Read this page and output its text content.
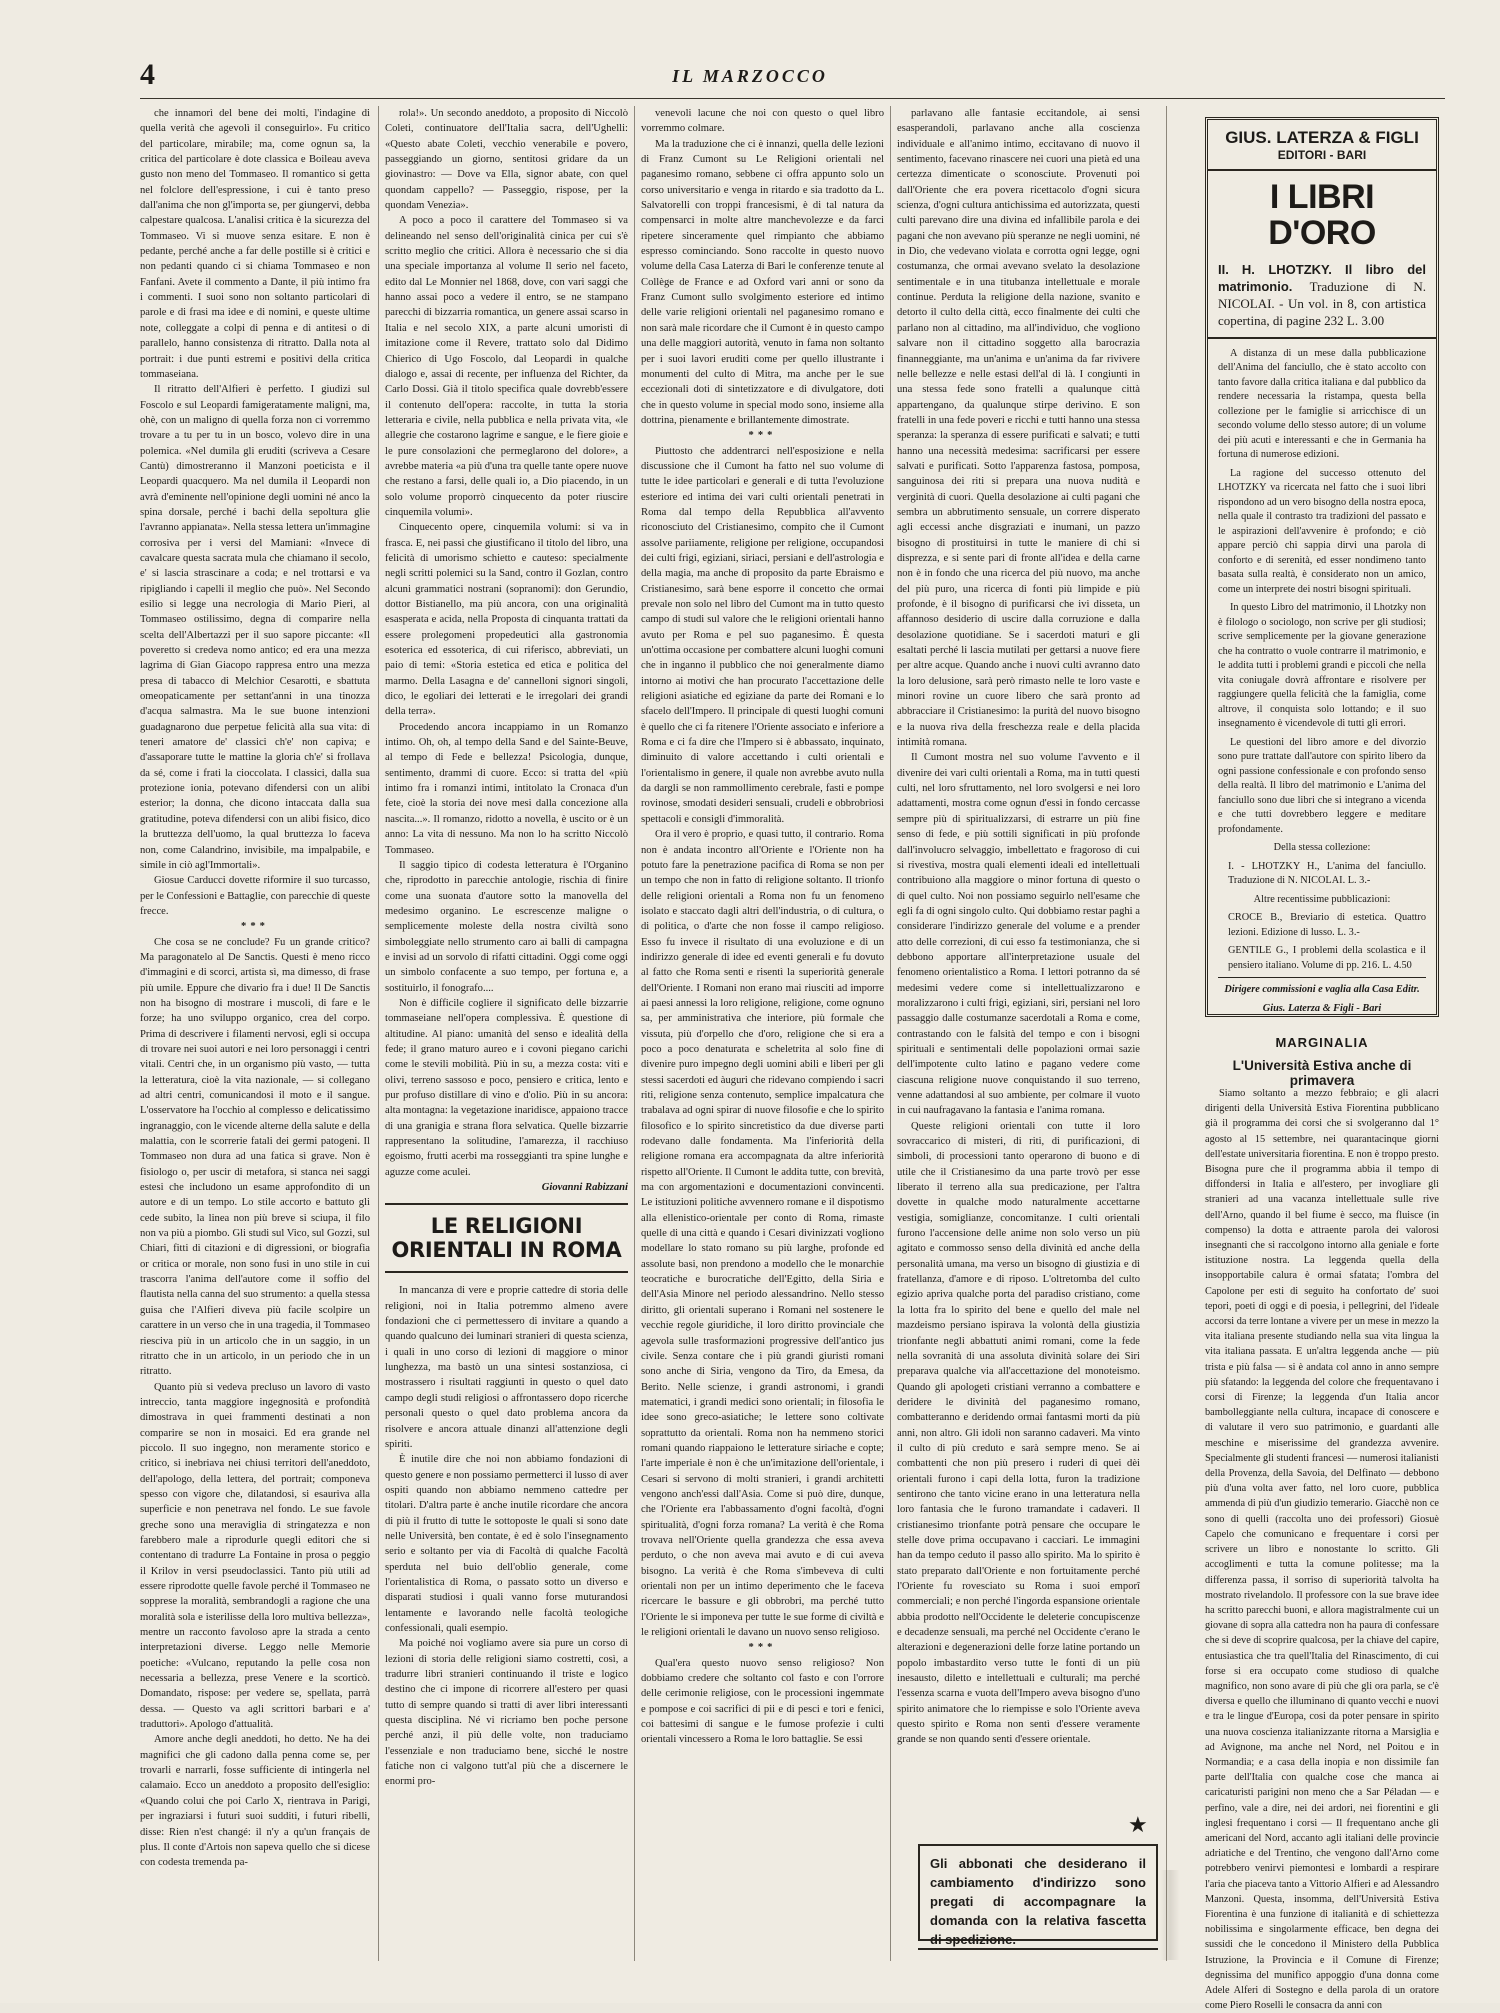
4	IL MARZOCCO

che innamorì del bene dei molti, l'indagine di quella verità che agevolì il conseguirlo». Fu critico del particolare, mirabile; ma, come ognun sa, la critica del particolare è dote classica e Boileau aveva gusto non meno del Tommaseo. Il romantico si getta nel folclore dell'espressione, i cui è tanto preso dall'anima che non gl'importa se, per giungervi, debba calpestare qualcosa. L'analisi critica è la sicurezza del Tommaseo. Vi si muove senza esitare. E non è pedante, perché anche a far delle postille si è critici e non pedanti quando ci si chiama Tommaseo e non Fanfani. Avete il commento a Dante, il più intimo fra i commenti. I suoi sono non soltanto particolari di parole e di frasi ma idee e di nomini, e queste ultime note, colleggate a colpi di penna e di antitesi o di parallelo, hanno consistenza di ritratto. Dalla nota al portrait: i due punti estremi e positivi della critica tommaseiana.

Il ritratto dell'Alfieri è perfetto. I giudizi sul Foscolo e sul Leopardi famigeratamente maligni, ma, ohè, con un maligno di quella forza non ci vorremmo trovare a tu per tu in un bosco, volevo dire in una polemica. «Nel dumila gli eruditi (scriveva a Cesare Cantù) dimostreranno il Manzoni poeticista e il Leopardi quacquero. Ma nel dumila il Leopardi non avrà d'eminente nell'opinione degli uomini né anco la spina dorsale, perché i bachi della sepoltura glie l'avranno appianata». Nella stessa lettera un'immagine corrosiva per i versi del Mamiani: «Invece di cavalcare questa sacrata mula che chiamano il secolo, e' si lascia strascinare a coda; e nel trottarsi e va ripigliando i capelli il meglio che può». Nel Secondo esilio si legge una necrologia di Mario Pieri, al Tommaseo ostilissimo, degna di comparire nella scelta dell'Albertazzi per il suo sapore piccante: «Il poveretto si credeva nomo antico; ed era una mezza lagrima di Gian Giacopo rappresa entro una mezza presa di tabacco di Melchior Cesarotti, e sbattuta omeopaticamente per settant'anni in una tinozza d'acqua salmastra. Ma le sue buone intenzioni guadagnarono due perpetue felicità alla sua vita: di teneri amatore de' classici ch'e' non capiva; e d'assaporare tutte le mattine la gloria ch'e' si frollava da sé, come i frati la cioccolata. I classici, dalla sua protezione ionia, potevano difendersi con un alibi esterior; la donna, che dicono intaccata dalla sua gratitudine, poteva difendersi con un alibi fisico, dico la bruttezza dell'uomo, la qual bruttezza lo faceva non, come Calandrino, invisibile, ma impalpabile, e simile in ciò agl'Immortali».

Giosue Carducci dovette riformire il suo turcasso, per le Confessioni e Battaglie, con parecchie di queste frecce.

***

Che cosa se ne conclude? Fu un grande critico? Ma paragonatelo al De Sanctis. Questi è meno ricco d'immagini e di scorci, artista sì, ma dimesso, di frase più umile. Eppure che divario fra i due! Il De Sanctis non ha bisogno di mostrare i muscoli, di fare e le forze; ha uno sviluppo organico, crea del corpo. Prima di descrivere i filamenti nervosi, egli si occupa di trovare nei suoi autori e nei loro personaggi i centri vitali. Centri che, in un organismo più vasto, — tutta la letteratura, cioè la vita nazionale, — si collegano ad altri centri, comunicandosi il moto e il sangue. L'osservatore ha l'occhio al complesso e delicatissimo ingranaggio, con le vicende alterne della salute e della malattia, con le scorrerie fatali dei germi patogeni. Il Tommaseo non dura ad una fatica sì grave. Non è fisiologo o, per uscir di metafora, si stanca nei saggi estesi che includono un esame approfondito di un autore e di un tempo. Lo stile accorto e battuto gli cede subito, la linea non più breve si sciupa, il filo non va più a piombo. Gli studi sul Vico, sul Gozzi, sul Chiari, fitti di citazioni e di digressioni, or biografia or critica or morale, non sono fusi in uno stile in cui trascorra l'anima dell'autore come il soffio del flautista nella canna del suo strumento: a quella stessa guisa che l'Alfieri diveva più facile scolpire un carattere in un verso che in una tragedia, il Tommaseo riesciva più in un articolo che in un saggio, in un ritratto che in un articolo, in un periodo che in un ritratto.

Quanto più si vedeva precluso un lavoro di vasto intreccio, tanta maggiore ingegnosità e profondità dimostrava in quei frammenti destinati a non comparire se non in mosaici. Ed era grande nel piccolo. Il suo ingegno, non meramente storico e critico, si inebriava nei chiusi territori dell'aneddoto, dell'apologo, della lettera, del portrait; componeva spesso con vigore che, dilatandosi, si esauriva alla superficie e non penetrava nel fondo. Le sue favole greche sono una meraviglia di stringatezza e non farebbero male a riprodurle quegli editori che si contentano di tradurre La Fontaine in prosa o peggio il Krilov in versi pseudoclassici. Tanto più utili ad essere riprodotte quelle favole perché il Tommaseo ne sopprese la moralità, sembrandogli a ragione che una moralità sola e isterilisse della loro multiva bellezza», mentre un racconto favoloso apre la strada a cento interpretazioni diverse. Leggo nelle Memorie poetiche: «Vulcano, reputando la pelle cosa non necessaria a bellezza, prese Venere e la scorticò. Domandato, rispose: per vedere se, spellata, parrà dessa. — Questo va agli scrittori barbari e a' traduttori». Apologo d'attualità.

Amore anche degli aneddoti, ho detto. Ne ha dei magnifici che gli cadono dalla penna come se, per trovarli e narrarli, fosse sufficiente di intingerla nel calamaio. Ecco un aneddoto a proposito dell'esiglio: «Quando colui che poi Carlo X, rientrava in Parigi, per ingraziarsi i futuri suoi sudditi, i futuri ribelli, disse: Rien n'est changé: il n'y a qu'un français de plus. Il conte d'Artois non sapeva quello che si dicese con codesta tremenda pa-

rola!». Un secondo aneddoto, a proposito di Niccolò Coleti, continuatore dell'Italia sacra, dell'Ughelli: «Questo abate Coleti, vecchio venerabile e povero, passeggiando un giorno, sentitosi gridare da un giovinastro: — Dove va Ella, signor abate, con quel quondam cappello? — Passeggio, rispose, per la quondam Venezia».

A poco a poco il carattere del Tommaseo si va delineando nel senso dell'originalità cinica per cui s'è scritto meglio che critici. Allora è necessario che si dia una speciale importanza al volume Il serio nel faceto, edito dal Le Monnier nel 1868, dove, con vari saggi che hanno assai poco a vedere il entro, se ne stampano parecchi di bizzarria romantica, un genere assai scarso in Italia e nel secolo XIX, a parte alcuni umoristi di imitazione come il Revere, trattato solo dal Didimo Chierico di Ugo Foscolo, dal Leopardi in qualche dialogo e, assai di recente, per influenza del Richter, da Carlo Dossi. Già il titolo specifica quale dovrebb'essere il contenuto dell'opera: raccolte, in tutta la storia letteraria e civile, nella pubblica e nella privata vita, «le allegrie che costarono lagrime e sangue, e le fiere gioie e le pure consolazioni che permeglarono del dolore», a avrebbe materia «a più d'una tra quelle tante opere nuove che restano a farsi, delle quali io, a Dio piacendo, in un solo volume proporrò cinquecento da poter riuscire cinquemila volumi».

Cinquecento opere, cinquemila volumi: si va in frasca. E, nei passi che giustificano il titolo del libro, una felicità di umorismo schietto e cauteso: specialmente negli scritti polemici su la Sand, contro il Gozlan, contro alcuni grammatici nostrani (sopranomi): don Gerundio, dottor Bistianello, ma più ancora, con una originalità esasperata e acida, nella Proposta di cinquanta trattati da essere prolegomeni propedeutici alla gastronomia esoterica ed essoterica, di cui riferisco, abbreviati, un paio di temi: «Storia estetica ed etica e politica del marmo. Della Lasagna e de' cannelloni signori singoli, dico, le egoliari dei letterati e le irregolari dei grandi della terra».

Procedendo ancora incappiamo in un Romanzo intimo. Oh, oh, al tempo della Sand e del Sainte-Beuve, al tempo di Fede e bellezza! Psicologia, dunque, sentimento, drammi di cuore. Ecco: si tratta del «più intimo fra i romanzi intimi, intitolato la Cronaca d'un fete, cioè la storia dei nove mesi dalla concezione alla nascita...». Il romanzo, ridotto a novella, è uscito or è un anno: La vita di nessuno. Ma non lo ha scritto Niccolò Tommaseo.

Il saggio tipico di codesta letteratura è l'Organino che, riprodotto in parecchie antologie, rischia di finire come una suonata d'autore sotto la manovella del medesimo organino. Le escrescenze maligne o semplicemente moleste della nostra civiltà sono simboleggiate nello strumento caro ai balli di campagna e invisi ad un sorvolo di rifatti cittadini. Oggi come oggi un simbolo confacente a suo tempo, per fortuna e, a sostituirlo, il fonografo....

Non è difficile cogliere il significato delle bizzarrie tommaseiane nell'opera complessiva. È questione di altitudine. Al piano: umanità del senso e idealità della fede; il grano maturo aureo e i covoni piegano carichi come le stevili mobilità. Più in su, a mezza costa: viti e olivi, terreno sassoso e poco, pensiero e critica, lento e pur profuso distillare di vino e d'olio. Più in su ancora: alta montagna: la vegetazione inaridisce, appaiono tracce di una granigia e strana flora selvatica. Quelle bizzarrie rappresentano la solitudine, l'amarezza, il racchiuso egoismo, frutti acerbi ma rosseggianti tra spine lunghe e aguzze come aculei.

Giovanni Rabizzani

LE RELIGIONI ORIENTALI IN ROMA

In mancanza di vere e proprie cattedre di storia delle religioni, noi in Italia potremmo almeno avere fondazioni che ci permettessero di invitare a quando a quando qualcuno dei luminari stranieri di questa scienza, i quali in uno corso di lezioni di maggiore o minor lunghezza, ma bastò un una sintesi sostanziosa, ci mostrassero i risultati raggiunti in questo o quel dato campo degli studi religiosi o affrontassero dopo ricerche personali questo o quel dato problema ancora da risolvere e ancora attuale dinanzi all'attenzione degli spiriti.

È inutile dire che noi non abbiamo fondazioni di questo genere e non possiamo permetterci il lusso di aver ospiti quando non abbiamo nemmeno cattedre per titolari. D'altra parte è anche inutile ricordare che ancora di più il frutto di tutte le sottoposte le quali si sono date nelle Università, ben contate, è ed è solo l'insegnamento serio e soltanto per via di Facoltà di qualche Facoltà sperduta nel buio dell'oblio generale, come l'orientalistica di Roma, o passato sotto un diverso e disparati studiosi i quali vanno forse muturandosi lentamente e lavorando nelle facoltà teologiche confessionali, quali esempio.

Ma poiché noi vogliamo avere sia pure un corso di lezioni di storia delle religioni siamo costretti, così, a tradurre libri stranieri continuando il triste e logico destino che ci impone di ricorrere all'estero per quasi tutto di sempre quando si tratti di aver libri interessanti questa disciplina. Né vi ricriamo ben poche persone perché anzi, il più delle volte, non traduciamo l'essenziale e non traduciamo bene, sicché le nostre fatiche non ci valgono tutt'al più che a discernere le enormi pro-

venevoli lacune che noi con questo o quel libro vorremmo colmare.

Ma la traduzione che ci è innanzi, quella delle lezioni di Franz Cumont su Le Religioni orientali nel paganesimo romano, sebbene ci offra appunto solo un corso universitario e venga in ritardo e sia tradotto da L. Salvatorelli con troppi francesismi, è di tal natura da compensarci in molte altre manchevolezze e da farci ripetere sinceramente quel rimpianto che abbiamo espresso cominciando. Sono raccolte in questo nuovo volume della Casa Laterza di Bari le conferenze tenute al Collège de France e ad Oxford vari anni or sono da Franz Cumont sullo svolgimento esteriore ed intimo delle varie religioni orientali nel paganesimo romano e non sarà male ricordare che il Cumont è in questo campo una delle maggiori autorità, venuto in fama non soltanto per i suoi lavori eruditi come per quello illustrante i monumenti del culto di Mitra, ma anche per le sue eccezionali doti di sintetizzatore e di divulgatore, doti che in questo volume in special modo sono, insieme alla dottrina, pienamente e brillantemente dimostrate.

***

Piuttosto che addentrarci nell'esposizione e nella discussione che il Cumont ha fatto nel suo volume di tutte le idee particolari e generali e di tutta l'evoluzione esteriore ed intima dei vari culti orientali penetrati in Roma dal tempo della Repubblica all'avvento riconosciuto del Cristianesimo, compito che il Cumont assolve pariiamente, religione per religione, occupandosi dei culti frigi, egiziani, siriaci, persiani e dell'astrologia e della magia, ma anche di proposito da parte Ebraismo e Cristianesimo, sarà bene esporre il concetto che ormai prevale non solo nel libro del Cumont ma in tutto questo campo di studi sul valore che le religioni orientali hanno avuto per Roma e pel suo paganesimo. È questa un'ottima occasione per combattere alcuni luoghi comuni che in inganno il pubblico che noi generalmente diamo intorno ai motivi che han procurato l'accettazione delle religioni asiatiche ed egiziane da parte dei Romani e lo sfacelo dell'Impero. Il principale di questi luoghi comuni è quello che ci fa ritenere l'Oriente associato e inferiore a Roma e ci fa dire che l'Impero si è abbassato, inquinato, diminuito di valore accettando i culti orientali e l'orientalismo in genere, il quale non avrebbe avuto nulla da dargli se non rammollimento cerebrale, fasti e pompe rovinose, smodati desideri sensuali, crudeli e obbrobriosi spettacoli e consigli d'immoralità.

Ora il vero è proprio, e quasi tutto, il contrario. Roma non è andata incontro all'Oriente e l'Oriente non ha potuto fare la penetrazione pacifica di Roma se non per un tempo che non in fatto di religione soltanto. Il trionfo delle religioni orientali a Roma non fu un fenomeno isolato e staccato dagli altri dell'industria, o di cultura, o di politica, o d'arte che non fosse il campo religioso. Esso fu invece il risultato di una evoluzione e di un indirizzo generale di idee ed eventi generali e fu dovuto al fatto che Roma senti e risentì la superiorità generale dell'Oriente. I Romani non erano mai riusciti ad imporre ai paesi annessi la loro religione, religione, come ognuno sa, per amministrativa che interiore, più formale che vissuta, più d'orpello che d'oro, religione che si era a poco a poco denaturata e scheletrita al solo fine di divenire puro impegno degli uomini abili e liberi per gli stessi sacerdoti ed àuguri che ridevano compiendo i sacri riti, religione senza contenuto, semplice impalcatura che trabalava ad ogni spirar di nuove filosofie e che lo spirito filosofico e lo spirito sincretistico da due diverse parti rodevano dalle fondamenta. Ma l'inferiorità della religione romana era accompagnata da altre inferiorità rispetto all'Oriente. Il Cumont le addita tutte, con brevità, ma con argomentazioni e documentazioni convincenti. Le istituzioni politiche avvennero romane e il dispotismo alla ellenistico-orientale per conto di Roma, rimaste quelle di una città e quando i Cesari divinizzati vogliono modellare lo stato romano su più larghe, profonde ed assolute basi, non prendono a modello che le monarchie teocratiche e burocratiche dell'Egitto, della Siria e dell'Asia Minore nel periodo alessandrino. Nello stesso diritto, gli orientali superano i Romani nel sostenere le vecchie regole giuridiche, il loro diritto provinciale che agevola sulle trasformazioni progressive dell'antico jus civile. Senza contare che i più grandi giuristi romani sono anche di Siria, vengono da Tiro, da Emesa, da Berito. Nelle scienze, i grandi astronomi, i grandi matematici, i grandi medici sono orientali; in filosofia le idee sono greco-asiatiche; le lettere sono coltivate soprattutto da orientali. Roma non ha nemmeno storici romani quando riappaiono le letterature siriache e copte; l'arte imperiale è non è che un'imitazione dell'orientale, i Cesari si servono di molti stranieri, i grandi architetti vengono anch'essi dall'Asia. Come si può dire, dunque, che l'Oriente era l'abbassamento d'ogni facoltà, d'ogni spiritualità, d'ogni forza romana? La verità è che Roma trovava nell'Oriente quella grandezza che essa aveva perduto, o che non aveva mai avuto e di cui aveva bisogno. La verità è che Roma s'imbeveva di culti orientali non per un intimo deperimento che le faceva ricercare le bassure e gli obbrobri, ma perché tutto l'Oriente le si imponeva per tutte le sue forme di civiltà e le religioni orientali le davano un nuovo senso religioso.

***

Qual'era questo nuovo senso religioso? Non dobbiamo credere che soltanto col fasto e con l'orrore delle cerimonie religiose, con le processioni ingemmate e pompose e coi sacrifici di pii e di pesci e tori e fenici, coi battesimi di sangue e le fumose profezie i culti orientali vincessero a Roma le loro battaglie. Se essi

parlavano alle fantasie eccitandole, ai sensi esasperandoli, parlavano anche alla coscienza individuale e all'animo intimo, eccitavano di nuovo il sentimento, facevano rinascere nei cuori una pietà ed una certezza dimenticate o sconosciute. Provenuti poi dall'Oriente che era povera ricettacolo d'ogni sicura scienza, d'ogni cultura antichissima ed autorizzata, questi culti parevano dire una divina ed infallibile parola e dei pagani che non avevano più speranze ne negli uomini, né in Dio, che vedevano violata e corrotta ogni legge, ogni costumanza, che ormai avevano svelato la desolazione sentimentale e in una titubanza intellettuale e morale continue. Perduta la religione della nazione, svanito e detorto il culto della città, ecco finalmente dei culti che parlano non al cittadino, ma all'individuo, che vogliono salvare non il cittadino soggetto alla barocrazia finanneggiante, ma un'anima e un'anima da far rivivere nelle bellezze e nelle estasi dell'al di là. I congiunti in una stessa fede sono fratelli a qualunque città appartengano, da qualunque stirpe derivino. E son fratelli in una fede poveri e ricchi e tutti hanno una stessa speranza: la speranza di essere purificati e salvati; e tutti hanno una necessità medesima: sacrificarsi per essere salvati e purificati. Sotto l'apparenza fastosa, pomposa, sanguinosa dei riti si prepara una nuova nudità e verginità di cuori. Quella desolazione ai culti pagani che sembra un abbrutimento sensuale, un correre disperato agli eccessi anche disgraziati e inumani, un pazzo bisogno di prostituirsi in tutte le maniere di chi si disprezza, e si sente pari di fronte all'idea e della carne non è in fondo che una ricerca del più nuovo, ma anche del più puro, una ricerca di fonti più limpide e più profonde, è il bisogno di purificarsi che ivi disseta, un affannoso desiderio di uscire dalla corruzione e dalla desolazione quotidiane. Se i sacerdoti maturi e gli esaltati perché li lascia mutilati per gettarsi a nuove fiere per altre acque. Quando anche i nuovi culti avranno dato la loro delusione, sarà però rimasto nelle te loro vaste e minori rovine un cuore libero che sarà pronto ad abbracciare il Cristianesimo: la purità del nuovo bisogno e la nuova riva della freschezza reale e della placida intimità romana.

Il Cumont mostra nel suo volume l'avvento e il divenire dei vari culti orientali a Roma, ma in tutti questi culti, nel loro sfruttamento, nel loro svolgersi e nei loro adattamenti, mostra come ognun d'essi in fondo cercasse sempre più di spiritualizzarsi, di estrarre un più fine senso di fede, e più sottili significati in più profonde dall'involucro selvaggio, imbellettato e fragoroso di cui si rivestiva, mostra quali elementi ideali ed intellettuali contribuiono alla maggiore o minor fortuna di questo o di quel culto. Noi non possiamo seguirlo nell'esame che egli fa di ogni singolo culto. Qui dobbiamo restar paghi a considerare l'indirizzo generale del volume e a prender atto delle correzioni, di cui esso fa testimonianza, che si debbono apportare all'interpretazione usuale del fenomeno orientalistico a Roma. I lettori potranno da sé medesimi vedere come si intellettualizzarono e moralizzarono i culti frigi, egiziani, siri, persiani nel loro passaggio dalle costumanze sacerdotali a Roma e come, contrastando con le falsità del tempo e con i bisogni spirituali e sentimentali delle popolazioni ormai sazie dell'impotente culto latino e pagano vedere come ciascuna religione nuove conquistando il suo terreno, venne adattandosi al suo ambiente, per colmare il vuoto in cui naufragavano la fantasia e l'anima romana.

Queste religioni orientali con tutte il loro sovraccarico di misteri, di riti, di purificazioni, di simboli, di processioni tanto operarono di buono e di utile che il Cristianesimo da una parte trovò per esse liberato il terreno alla sua predicazione, per l'altra dovette in qualche modo naturalmente accettarne vestigia, somiglianze, concomitanze. I culti orientali furono l'accensione delle anime non solo verso un più agitato e commosso senso della divinità ed anche della personalità umana, ma verso un bisogno di giustizia e di fratellanza, d'amore e di riposo. L'oltretomba del culto egizio apriva qualche porta del paradiso cristiano, come la lotta fra lo spirito del bene e quello del male nel mazdeismo persiano ispirava la volontà della giustizia trionfante negli abbattuti animi romani, come la fede nella sovranità di una assoluta divinità solare dei Siri preparava qualche via all'accettazione del monoteismo. Quando gli apologeti cristiani verranno a combattere e deridere le divinità del paganesimo romano, combatteranno e deridendo ormai fantasmi morti da più anni, non altro. Gli idoli non saranno cadaveri. Ma vinto il culto di più creduto e sarà sempre meno. Se ai combattenti che non più presero i ruderi di quei dèi orientali furono i capi della lotta, furon la tradizione sentirono che tanto vicine erano in una letteratura nella loro fantasia che le furono tramandate i cadaveri. Il cristianesimo trionfante potrà pensare che occupare le stelle dove prima occupavano i cacciari. Le immagini han da tempo ceduto il passo allo spirito. Ma lo spirito è stato preparato dall'Oriente e non fortuitamente perché l'Oriente fu rovesciato su Roma i suoi emporî commerciali; e non perché l'ingorda espansione orientale abbia prodotto nell'Occidente le deleterie concupiscenze e decadenze sensuali, ma perché nel Occidente c'erano le alterazioni e degenerazioni delle forze latine portando un popolo imbastardito verso tutte le fonti di un più inesausto, diletto e intellettuali e culturali; ma perché l'essenza scarna e vuota dell'Impero aveva bisogno d'uno spirito animatore che lo riempisse e solo l'Oriente aveva questo spirito e Roma non sentì d'essere veramente grande se non quando senti d'essere orientale.

GIUS. LATERZA & FIGLI
EDITORI - BARI
I LIBRI D'ORO
II. H. LHOTZKY. Il libro del matrimonio. Traduzione di N. NICOLAI. - Un vol. in 8, con artistica copertina, di pagine 232 L. 3.00

A distanza di un mese dalla pubblicazione dell'Anima del fanciullo, che è stato accolto con tanto favore dalla critica italiana e dal pubblico da rendere necessaria la ristampa, questa bella collezione per le famiglie si arricchisce di un secondo volume dello stesso autore; di un volume dei più acuti e interessanti e che in Germania ha fortuna di numerose edizioni.

La ragione del successo ottenuto del LHOTZKY va ricercata nel fatto che i suoi libri rispondono ad un vero bisogno della nostra epoca, nella quale il contrasto tra tradizioni del passato e le aspirazioni dell'avvenire è profondo; e ciò appare perciò chi sappia dirvi una parola di conforto e di serenità, ed esser nondimeno tanto basata sulla realtà, è considerato non un amico, come un interprete dei nostri bisogni spirituali.

In questo Libro del matrimonio, il Lhotzky non è filologo o sociologo, non scrive per gli studiosi; scrive semplicemente per la giovane generazione che ha contratto o vuole contrarre il matrimonio, e le addita tutti i problemi grandi e piccoli che nella vita coniugale dovrà affrontare e risolvere per raggiungere quella felicità che la famiglia, come altrove, il conquista solo lottando; e il suo insegnamento è vicendevole di tutti gli errori.

Le questioni del libro amore e del divorzio sono pure trattate dall'autore con spirito libero da ogni passione confessionale e con profondo senso della realtà. Il libro del matrimonio e L'anima del fanciullo sono due libri che si integrano a vicenda e che tutti dovrebbero leggere e meditare profondamente.

Della stessa collezione:

I. - LHOTZKY H., L'anima del fanciullo. Traduzione di N. NICOLAI. L. 3.-

Altre recentissime pubblicazioni:

CROCE B., Breviario di estetica. Quattro lezioni. Edizione di lusso. L. 3.-

GENTILE G., I problemi della scolastica e il pensiero italiano. Volume di pp. 216. L. 4.50

Dirigere commissioni e vaglia alla Casa Editr.

Gius. Laterza & Figli - Bari

MARGINALIA
L'Università Estiva anche di primavera

Siamo soltanto a mezzo febbraio; e gli alacri dirigenti della Università Estiva Fiorentina pubblicano già il programma dei corsi che si svolgeranno dal 1° agosto al 15 settembre, nei quarantacinque giorni dell'estate universitaria fiorentina. E non è troppo presto. Bisogna pure che il programma abbia il tempo di diffondersi in Italia e all'estero, per invogliare gli stranieri ad una vacanza intellettuale sulle rive dell'Arno, quando il bel fiume è secco, ma fluisce (in compenso) la dotta e attraente parola dei valorosi insegnanti che si raccolgono intorno alla geniale e forte istituzione nostra. La leggenda quella della insopportabile calura è ormai sfatata; l'ombra del Capolone per esti di seguito ha confortato de' suoi tepori, poeti di oggi e di poesia, i pellegrini, del l'ideale accorsi da terre lontane a vivere per un mese in mezzo la vita italiana presente studiando nella sua vita lingua la vita italiana passata. E un'altra leggenda anche — più trista e più falsa — si è andata col anno in anno sempre più sfatando: la leggenda del colore che frequentavano i corsi di Firenze; la leggenda d'un Italia ancor bambolleggiante nella cultura, incapace di conoscere e di valutare il vero suo patrimonio, e guardanti alle meschine e miserissime del grandezza avvenire. Specialmente gli studenti francesi — numerosi italianisti della Provenza, della Savoia, del Delfinato — debbono più d'una volta aver fatto, nel loro cuore, pubblica ammenda di più d'un giudizio temerario. Giacchè non ce sono di quelli (raccolta uno dei professori) Giosuè Capelo che comunicano e frequentare i corsi per scrivere un libro e nonostante lo scritto. Gli accoglimenti e tutta la comune politesse; ma la differenza passa, il sorriso di superiorità talvolta ha mostrato rivelandolo. Il professore con la sue brave idee ha scritto parecchi buoni, e allora magistralmente cui un giovane di sopra alla cattedra non ha paura di confessare che si deve di scoprire qualcosa, per la chiave del capire, entusiastica che tra quell'Italia del Rinascimento, di cui forse si era occupato come studioso di qualche magnifico, non sono avare di più che gli ora parla, se c'è diversa e quello che illuminano di quanto vecchi e nuovi e tra le lingue d'Europa, cosi da poter pensare in spirito una nuova coscienza italianizzante ritorna a Marsiglia e ad Avignone, ma anche nel Nord, nel Poitou e in Normandia; e a casa della inopia e non dissimile fan parte dell'Italia con qualche cose che manca ai caricaturisti parigini non meno che a Sar Péladan — e perfino, vale a dire, nei dei ardori, nei fiorentini e gli inglesi frequentano i corsi — Il frequentano anche gli americani del Nord, accanto agli italiani delle provincie adriatiche e del Trentino, che vengono dall'Arno come potrebbero venirvi piemontesi e lombardi a respirare l'aria che piaceva tanto a Vittorio Alfieri e ad Alessandro Manzoni. Questa, insomma, dell'Università Estiva Fiorentina è una funzione di italianità e di schiettezza nobilissima e singolarmente efficace, ben degna dei sussidi che le concedono il Ministero della Pubblica Istruzione, la Provincia e il Comune di Firenze; degnissima del munifico appoggio d'una donna come Adele Alferi di Sostegno e della parola di un oratore come Piero Roselli le consacra da anni con

★
Gli abbonati che desiderano il cambiamento d'indirizzo sono pregati di accompagnare la domanda con la relativa fascetta di spedizione.
